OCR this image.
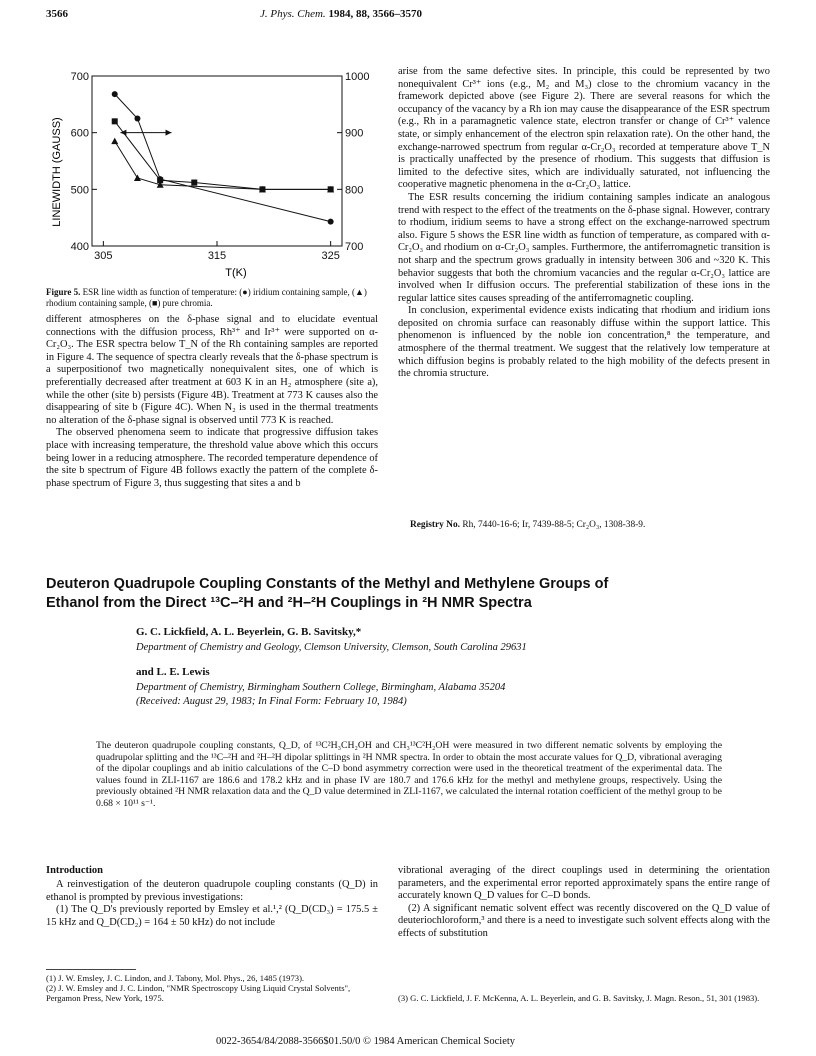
3566	J. Phys. Chem. 1984, 88, 3566–3570
305	315	325
400
500
600
700
700
800
900
1000
LINEWIDTH (GAUSS)
T(K)
Figure 5. ESR line width as function of temperature: (●) iridium containing sample, (▲) rhodium containing sample, (■) pure chromia.

different atmospheres on the δ-phase signal and to elucidate eventual connections with the diffusion process, Rh³⁺ and Ir³⁺ were supported on α-Cr₂O₃. The ESR spectra below T_N of the Rh containing samples are reported in Figure 4. The sequence of spectra clearly reveals that the δ-phase spectrum is a superpositionof two magnetically nonequivalent sites, one of which is preferentially decreased after treatment at 603 K in an H₂ atmosphere (site a), while the other (site b) persists (Figure 4B). Treatment at 773 K causes also the disappearing of site b (Figure 4C). When N₂ is used in the thermal treatments no alteration of the δ-phase signal is observed until 773 K is reached.

The observed phenomena seem to indicate that progressive diffusion takes place with increasing temperature, the threshold value above which this occurs being lower in a reducing atmosphere. The recorded temperature dependence of the site b spectrum of Figure 4B follows exactly the pattern of the complete δ-phase spectrum of Figure 3, thus suggesting that sites a and b

arise from the same defective sites. In principle, this could be represented by two nonequivalent Cr³⁺ ions (e.g., M₂ and M₃) close to the chromium vacancy in the framework depicted above (see Figure 2). There are several reasons for which the occupancy of the vacancy by a Rh ion may cause the disappearance of the ESR spectrum (e.g., Rh in a paramagnetic valence state, electron transfer or change of Cr³⁺ valence state, or simply enhancement of the electron spin relaxation rate). On the other hand, the exchange-narrowed spectrum from regular α-Cr₂O₃ recorded at temperature above T_N is practically unaffected by the presence of rhodium. This suggests that diffusion is limited to the defective sites, which are individually saturated, not influencing the cooperative magnetic phenomena in the α-Cr₂O₃ lattice.

The ESR results concerning the iridium containing samples indicate an analogous trend with respect to the effect of the treatments on the δ-phase signal. However, contrary to rhodium, iridium seems to have a strong effect on the exchange-narrowed spectrum also. Figure 5 shows the ESR line width as function of temperature, as compared with α-Cr₂O₃ and rhodium on α-Cr₂O₃ samples. Furthermore, the antiferromagnetic transition is not sharp and the spectrum grows gradually in intensity between 306 and ~320 K. This behavior suggests that both the chromium vacancies and the regular α-Cr₂O₃ lattice are involved when Ir diffusion occurs. The preferential stabilization of these ions in the regular lattice sites causes spreading of the antiferromagnetic coupling.

In conclusion, experimental evidence exists indicating that rhodium and iridium ions deposited on chromia surface can reasonably diffuse within the support lattice. This phenomenon is influenced by the noble ion concentration,⁸ the temperature, and atmosphere of the thermal treatment. We suggest that the relatively low temperature at which diffusion begins is probably related to the high mobility of the defects present in the chromia structure.

Registry No. Rh, 7440-16-6; Ir, 7439-88-5; Cr₂O₃, 1308-38-9.
Deuteron Quadrupole Coupling Constants of the Methyl and Methylene Groups of
Ethanol from the Direct ¹³C–²H and ²H–²H Couplings in ²H NMR Spectra
G. C. Lickfield, A. L. Beyerlein, G. B. Savitsky,*
Department of Chemistry and Geology, Clemson University, Clemson, South Carolina 29631
and L. E. Lewis
Department of Chemistry, Birmingham Southern College, Birmingham, Alabama 35204
(Received: August 29, 1983; In Final Form: February 10, 1984)
The deuteron quadrupole coupling constants, Q_D, of ¹³C²H₃CH₂OH and CH₃¹³C²H₂OH were measured in two different nematic solvents by employing the quadrupolar splitting and the ¹³C–²H and ²H–²H dipolar splittings in ²H NMR spectra. In order to obtain the most accurate values for Q_D, vibrational averaging of the dipolar couplings and ab initio calculations of the C–D bond asymmetry correction were used in the theoretical treatment of the experimental data. The values found in ZLI-1167 are 186.6 and 178.2 kHz and in phase IV are 180.7 and 176.6 kHz for the methyl and methylene groups, respectively. Using the previously obtained ²H NMR relaxation data and the Q_D value determined in ZLI-1167, we calculated the internal rotation coefficient of the methyl group to be 0.68 × 10¹¹ s⁻¹.
Introduction

A reinvestigation of the deuteron quadrupole coupling constants (Q_D) in ethanol is prompted by previous investigations:

(1) The Q_D's previously reported by Emsley et al.¹,² (Q_D(CD₃) = 175.5 ± 15 kHz and Q_D(CD₂) = 164 ± 50 kHz) do not include

vibrational averaging of the direct couplings used in determining the orientation parameters, and the experimental error reported approximately spans the entire range of accurately known Q_D values for C–D bonds.

(2) A significant nematic solvent effect was recently discovered on the Q_D value of deuteriochloroform,³ and there is a need to investigate such solvent effects along with the effects of substitution

(1) J. W. Emsley, J. C. Lindon, and J. Tabony, Mol. Phys., 26, 1485 (1973).
(2) J. W. Emsley and J. C. Lindon, "NMR Spectroscopy Using Liquid Crystal Solvents", Pergamon Press, New York, 1975.	(3) G. C. Lickfield, J. F. McKenna, A. L. Beyerlein, and G. B. Savitsky, J. Magn. Reson., 51, 301 (1983).
0022-3654/84/2088-3566$01.50/0 © 1984 American Chemical Society
